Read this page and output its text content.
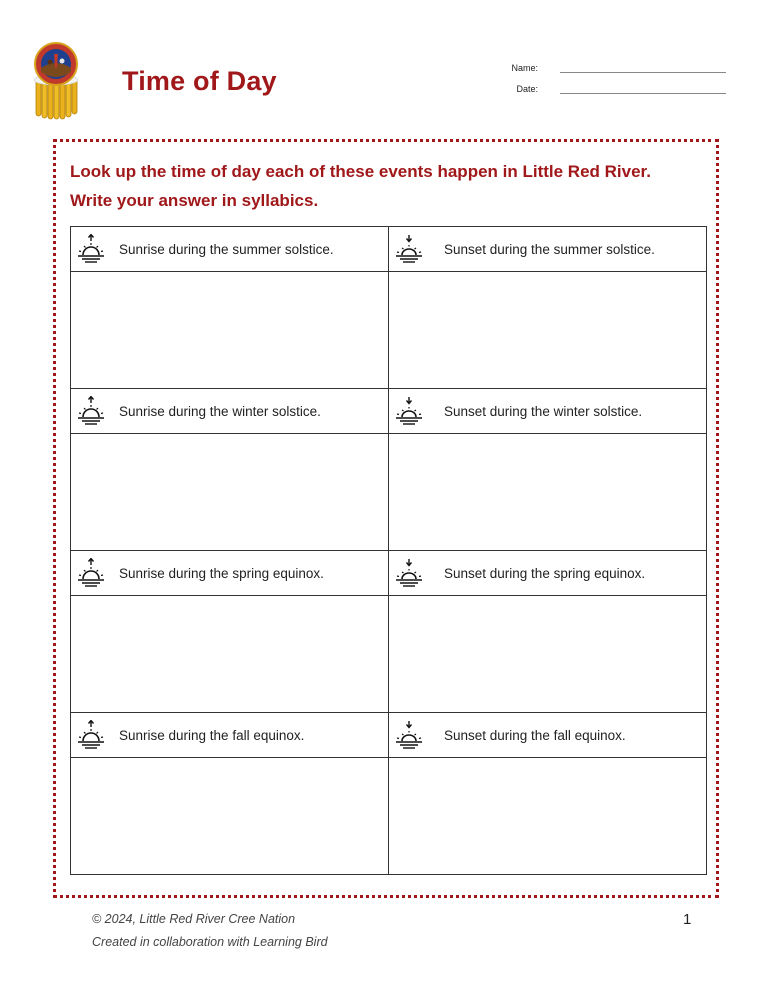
Time of Day	Name:
Date:
Look up the time of day each of these events happen in Little Red River.
Write your answer in syllabics.
Sunrise during the summer solstice.	Sunset during the summer solstice.

Sunrise during the winter solstice.	Sunset during the winter solstice.

Sunrise during the spring equinox.	Sunset during the spring equinox.

Sunrise during the fall equinox.	Sunset during the fall equinox.

© 2024, Little Red River Cree Nation
Created in collaboration with Learning Bird
1
